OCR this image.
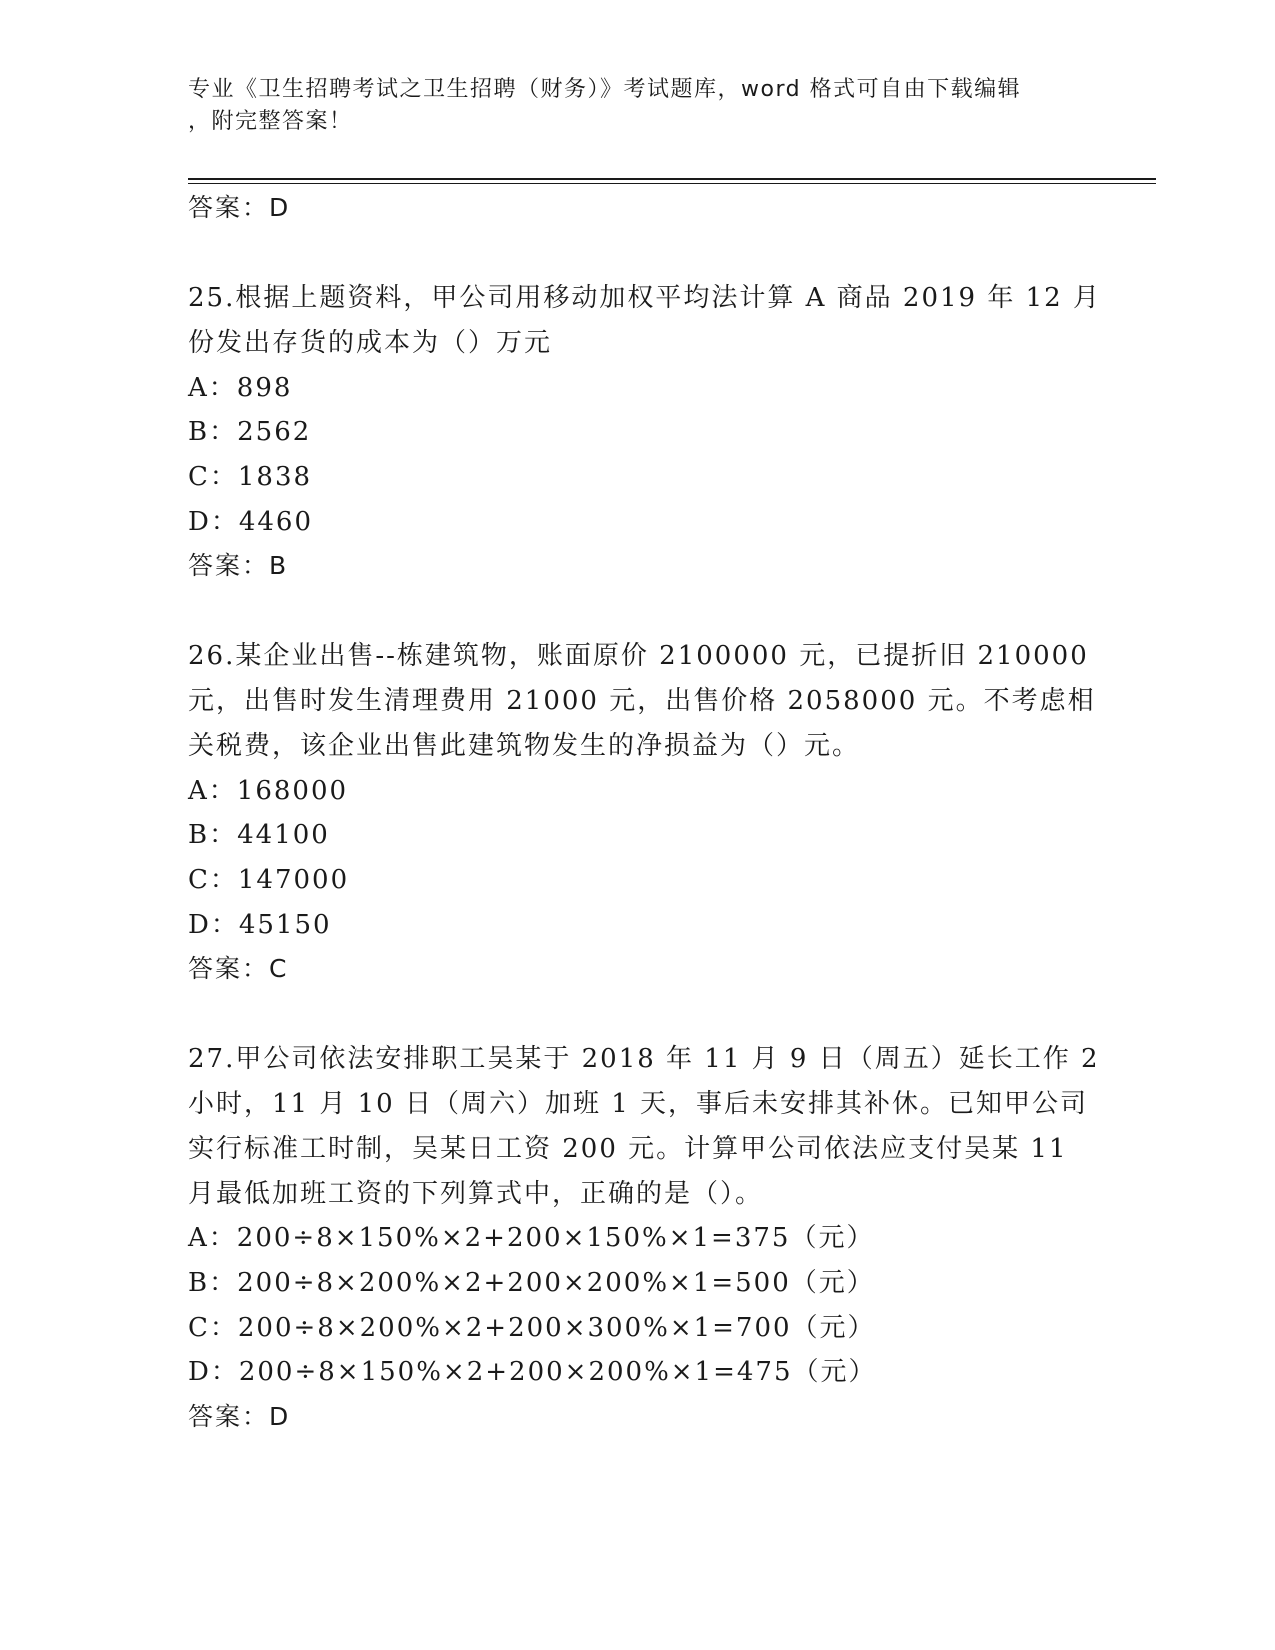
专业《卫生招聘考试之卫生招聘（财务）》考试题库，word 格式可自由下载编辑
，附完整答案！
答案：D
25.根据上题资料，甲公司用移动加权平均法计算 A 商品 2019 年 12 月
份发出存货的成本为（）万元
A：898
B：2562
C：1838
D：4460
答案：B
26.某企业出售--栋建筑物，账面原价 2100000 元，已提折旧 210000
元，出售时发生清理费用 21000 元，出售价格 2058000 元。不考虑相
关税费，该企业出售此建筑物发生的净损益为（）元。
A：168000
B：44100
C：147000
D：45150
答案：C
27.甲公司依法安排职工吴某于 2018 年 11 月 9 日（周五）延长工作 2
小时，11 月 10 日（周六）加班 1 天，事后未安排其补休。已知甲公司
实行标准工时制，吴某日工资 200 元。计算甲公司依法应支付吴某 11
月最低加班工资的下列算式中，正确的是（）。
A：200÷8×150%×2+200×150%×1=375（元）
B：200÷8×200%×2+200×200%×1=500（元）
C：200÷8×200%×2+200×300%×1=700（元）
D：200÷8×150%×2+200×200%×1=475（元）
答案：D
